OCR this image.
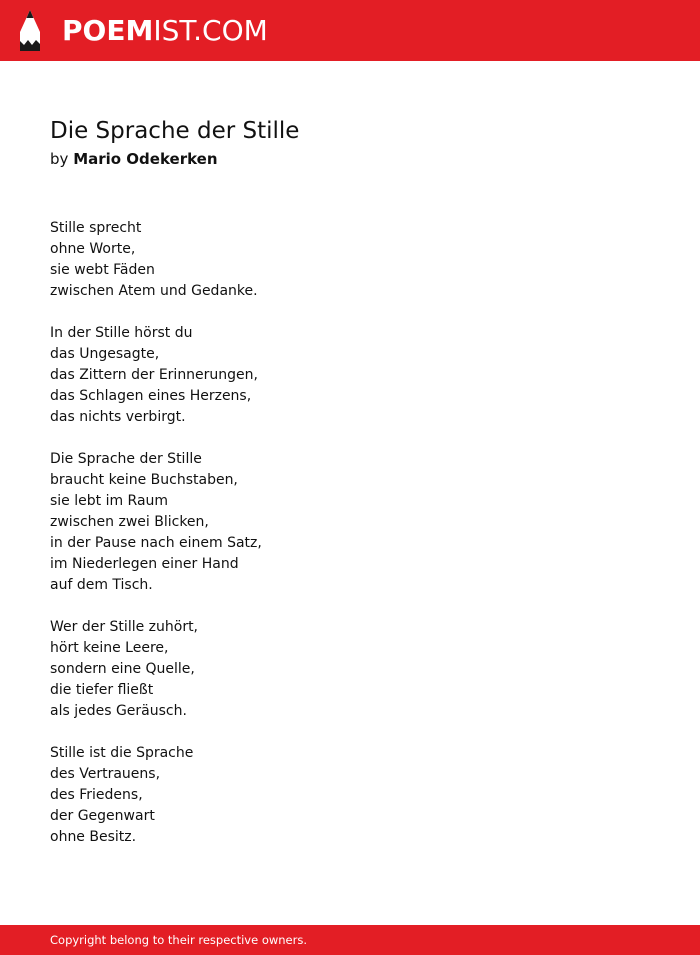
POEMIST.COM
Die Sprache der Stille
by Mario Odekerken
Stille sprecht
ohne Worte,
sie webt Fäden
zwischen Atem und Gedanke.
In der Stille hörst du
das Ungesagte,
das Zittern der Erinnerungen,
das Schlagen eines Herzens,
das nichts verbirgt.
Die Sprache der Stille
braucht keine Buchstaben,
sie lebt im Raum
zwischen zwei Blicken,
in der Pause nach einem Satz,
im Niederlegen einer Hand
auf dem Tisch.
Wer der Stille zuhört,
hört keine Leere,
sondern eine Quelle,
die tiefer fließt
als jedes Geräusch.
Stille ist die Sprache
des Vertrauens,
des Friedens,
der Gegenwart
ohne Besitz.
Copyright belong to their respective owners.
